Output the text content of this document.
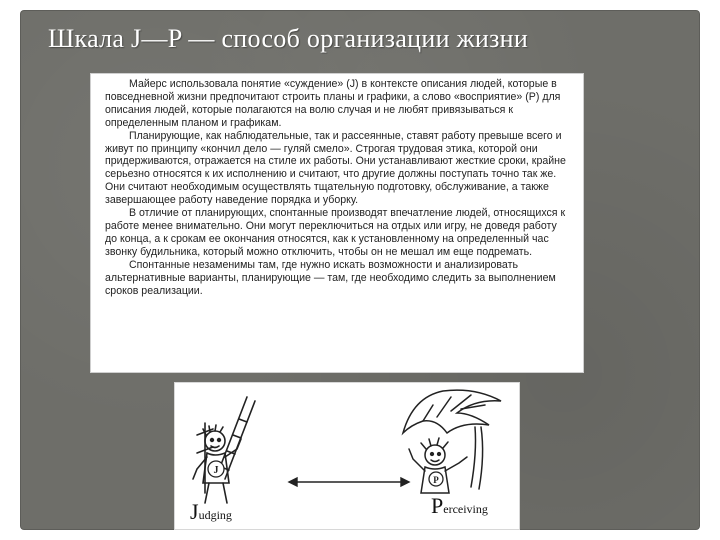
Шкала J—P — способ организации жизни

Майерс использовала понятие «суждение» (J) в контексте описания людей, которые в повседневной жизни предпочитают строить планы и графики, а слово «восприятие» (P) для описания людей, которые полагаются на волю случая и не любят привязываться к определенным планом и графикам.

Планирующие, как наблюдательные, так и рассеянные, ставят работу превыше всего и живут по принципу «кончил дело — гуляй смело». Строгая трудовая этика, которой они придерживаются, отражается на стиле их работы. Они устанавливают жесткие сроки, крайне серьезно относятся к их исполнению и считают, что другие должны поступать точно так же. Они считают необходимым осуществлять тщательную подготовку, обслуживание, а также завершающее работу наведение порядка и уборку.

В отличие от планирующих, спонтанные производят впечатление людей, относящихся к работе менее внимательно. Они могут переключиться на отдых или игру, не доведя работу до конца, а к срокам ее окончания относятся, как к установленному на определенный час звонку будильника, который можно отключить, чтобы он не мешал им еще подремать.

Спонтанные незаменимы там, где нужно искать возможности и анализировать альтернативные варианты, планирующие — там, где необходимо следить за выполнением сроков реализации.

J
P
Judging	Perceiving
